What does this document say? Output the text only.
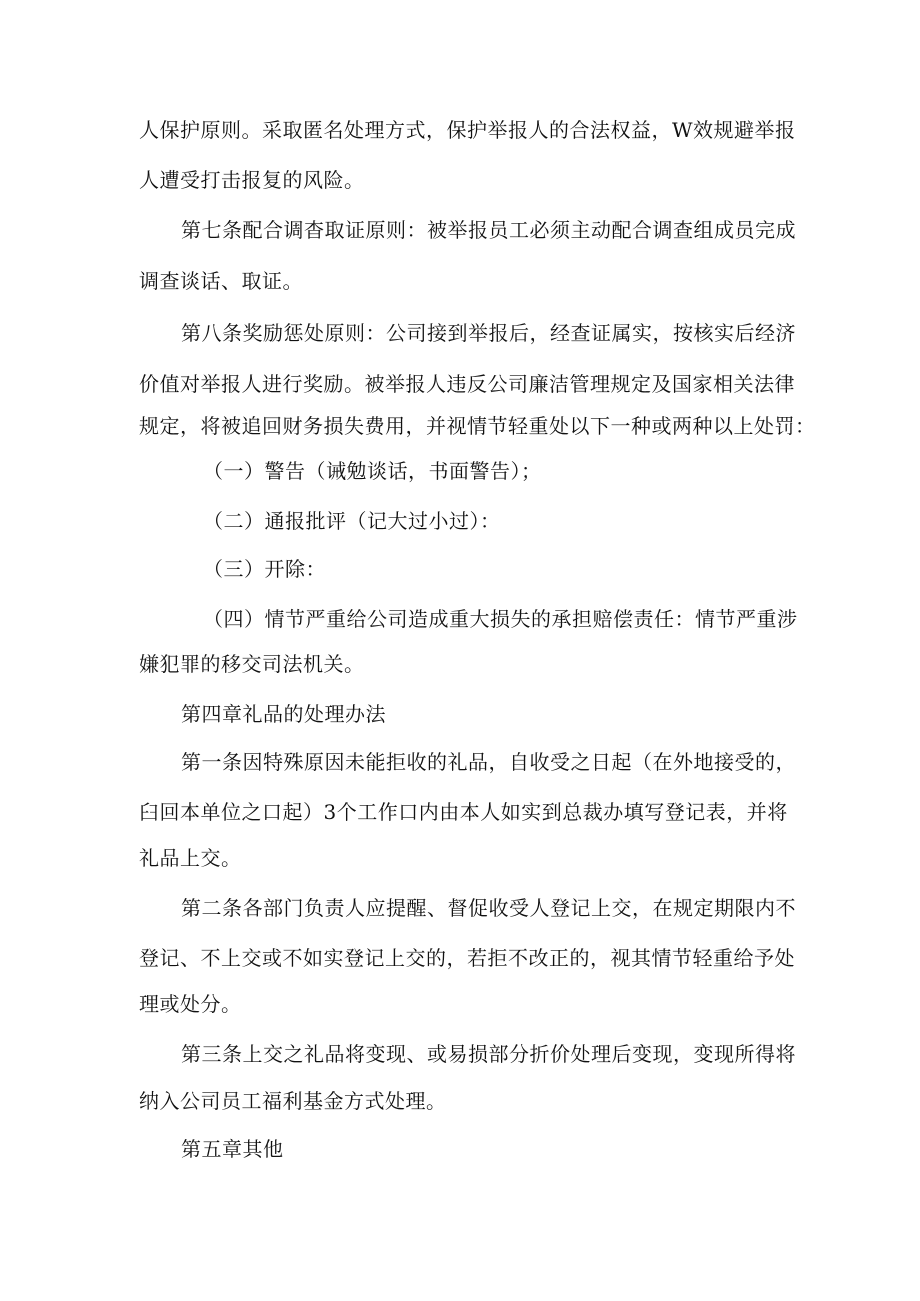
人保护原则。采取匿名处理方式，保护举报人的合法权益，W效规避举报
人遭受打击报复的风险。
第七条配合调杳取证原则：被举报员工必须主动配合调查组成员完成
调查谈话、取证。
第八条奖励惩处原则：公司接到举报后，经查证属实，按核实后经济
价值对举报人进行奖励。被举报人违反公司廉洁管理规定及国家相关法律
规定，将被追回财务损失费用，并视情节轻重处以下一种或两种以上处罚：
（一）警告（诫勉谈话，书面警告）；
（二）通报批评（记大过小过）：
（三）开除：
（四）情节严重给公司造成重大损失的承担赔偿责任：情节严重涉
嫌犯罪的移交司法机关。
第四章礼品的处理办法
第一条因特殊原因未能拒收的礼品，自收受之日起（在外地接受的，
臼回本单位之口起）3个工作口内由本人如实到总裁办填写登记表，并将
礼品上交。
第二条各部门负责人应提醒、督促收受人登记上交，在规定期限内不
登记、不上交或不如实登记上交的，若拒不改正的，视其情节轻重给予处
理或处分。
第三条上交之礼品将变现、或易损部分折价处理后变现，变现所得将
纳入公司员工福利基金方式处理。
第五章其他
